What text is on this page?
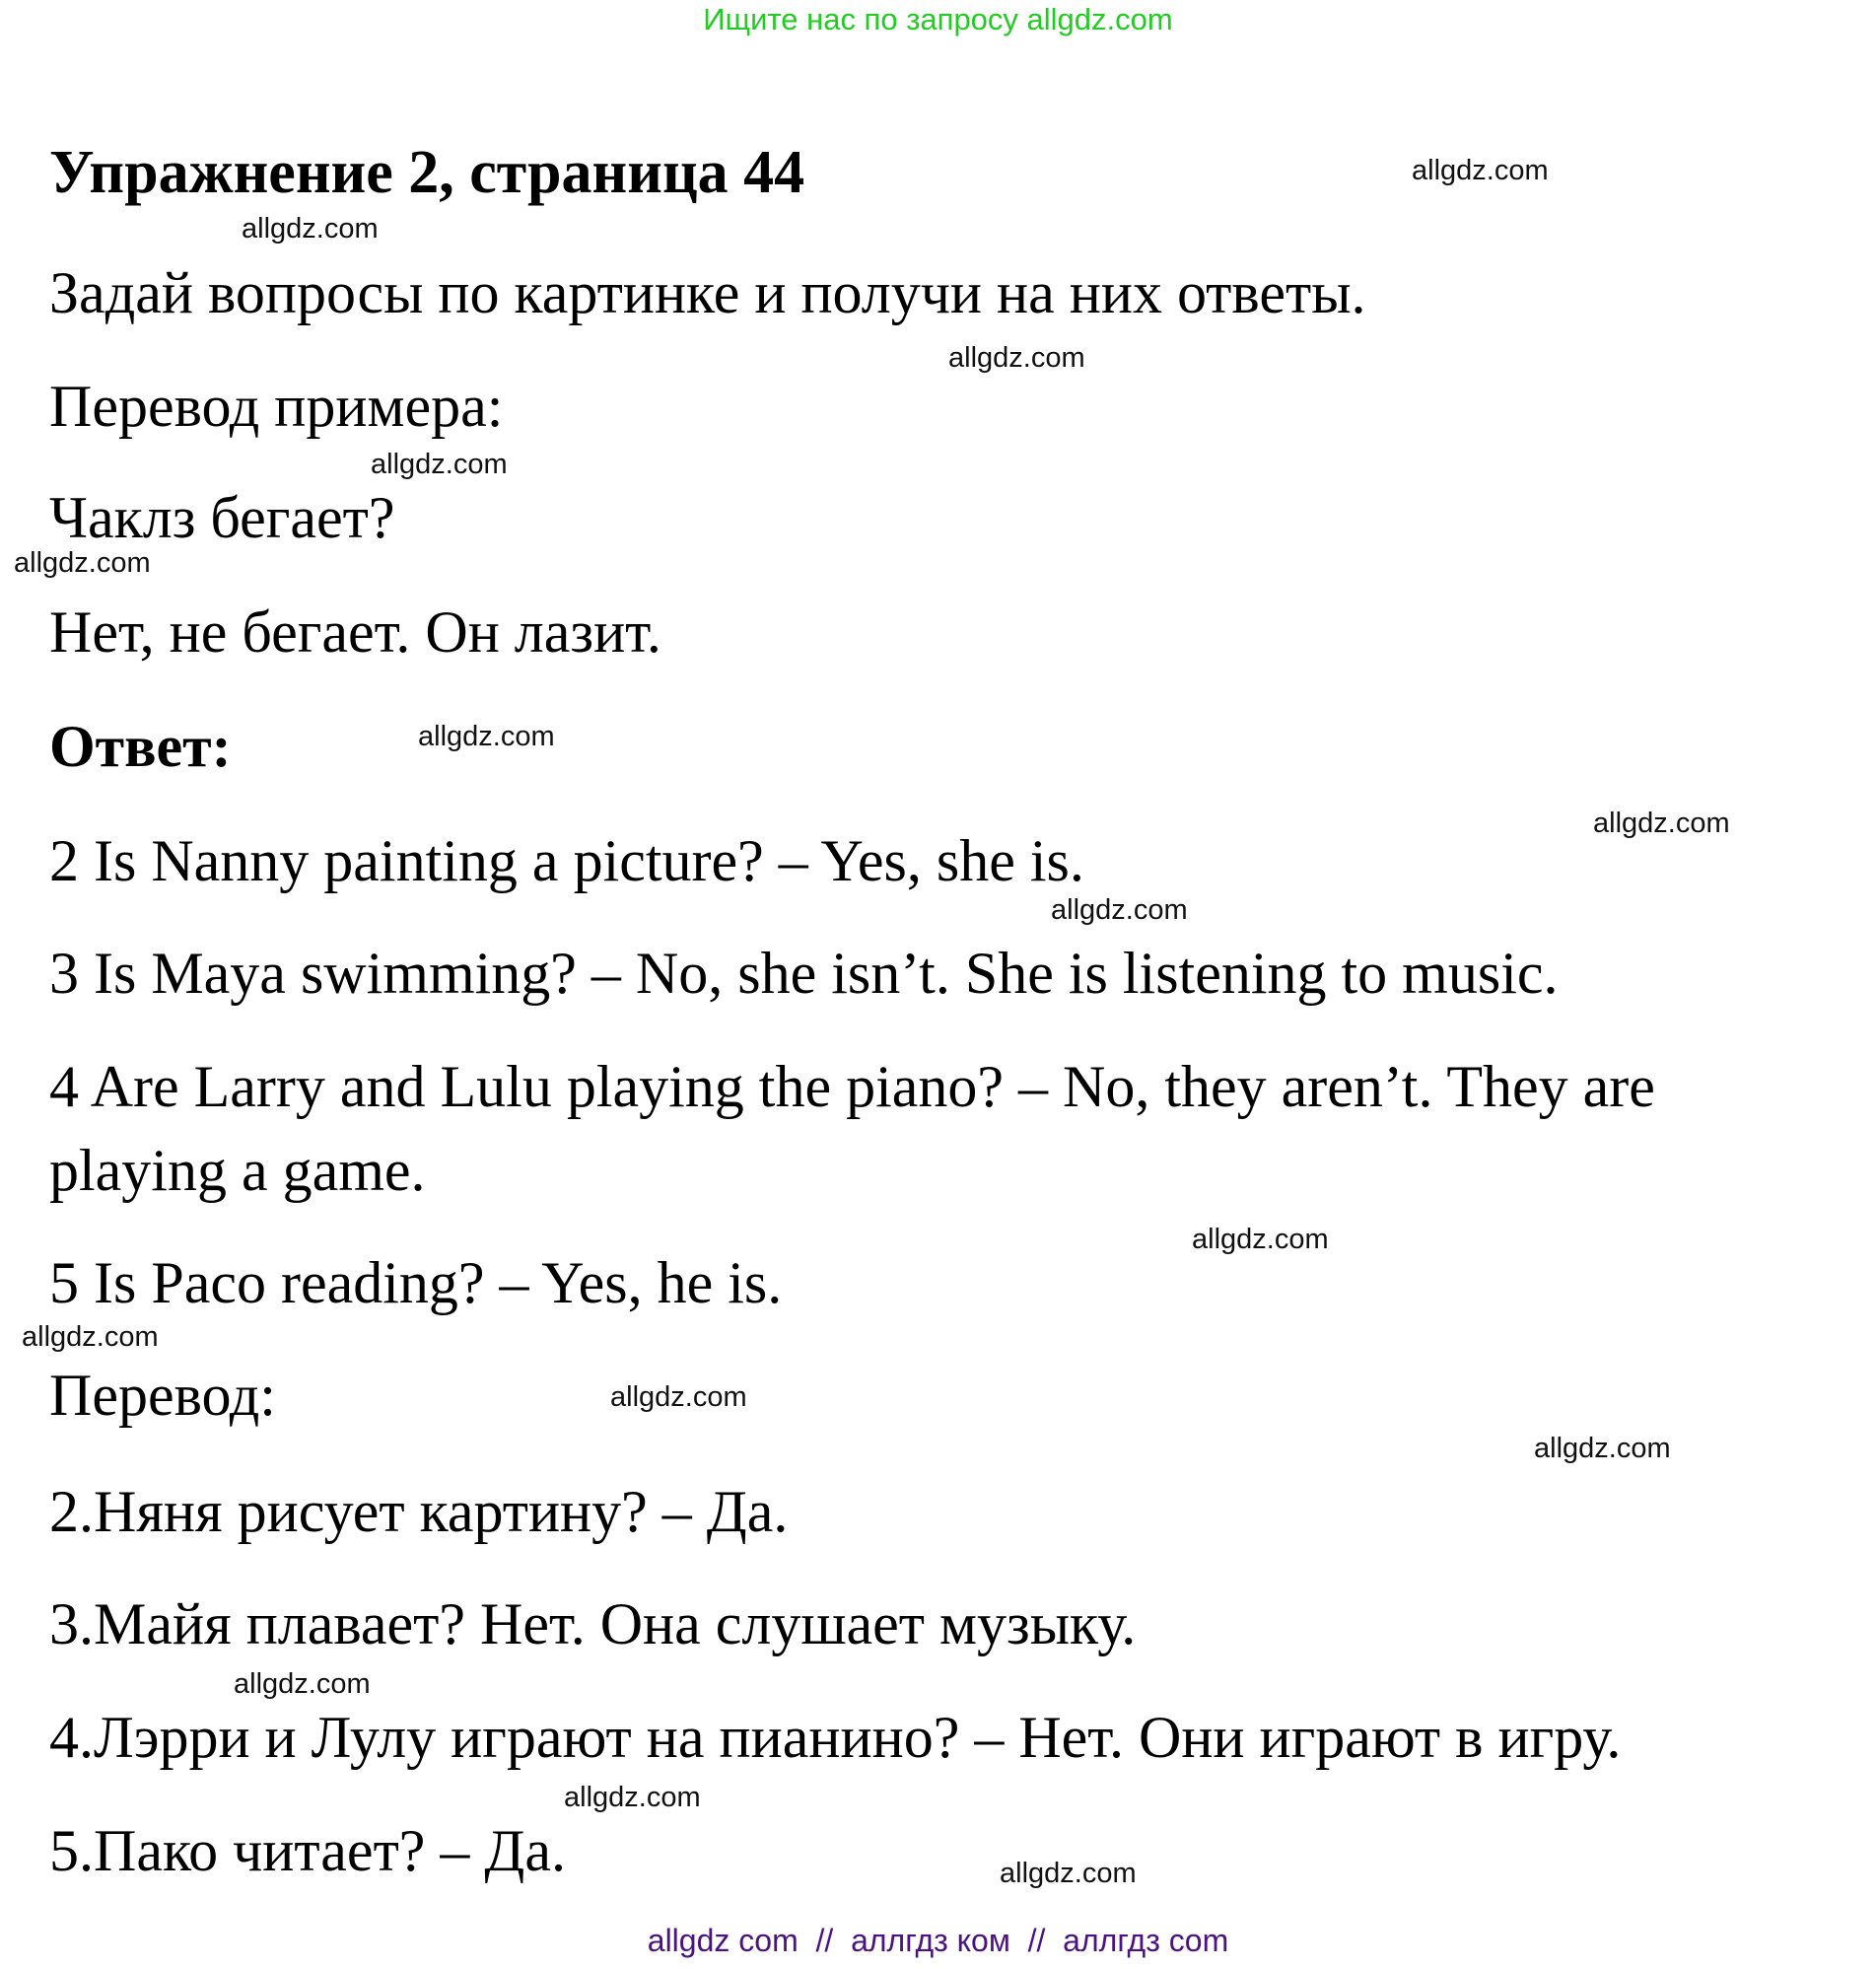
Ищите нас по запросу allgdz.com
Упражнение 2, страница 44
Задай вопросы по картинке и получи на них ответы.
Перевод примера:
Чаклз бегает?
Нет, не бегает. Он лазит.
Ответ:
2 Is Nanny painting a picture? – Yes, she is.
3 Is Maya swimming? – No, she isn’t. She is listening to music.
4 Are Larry and Lulu playing the piano? – No, they aren’t. They are playing a game.
5 Is Paco reading? – Yes, he is.
Перевод:
2.Няня рисует картину? – Да.
3.Майя плавает? Нет. Она слушает музыку.
4.Лэрри и Лулу играют на пианино? – Нет. Они играют в игру.
5.Пако читает? – Да.
allgdz.com
allgdz.com
allgdz.com
allgdz.com
allgdz.com
allgdz.com
allgdz.com
allgdz.com
allgdz.com
allgdz.com
allgdz.com
allgdz.com
allgdz.com
allgdz.com
allgdz.com
allgdz com  //  аллгдз ком  //  аллгдз com
